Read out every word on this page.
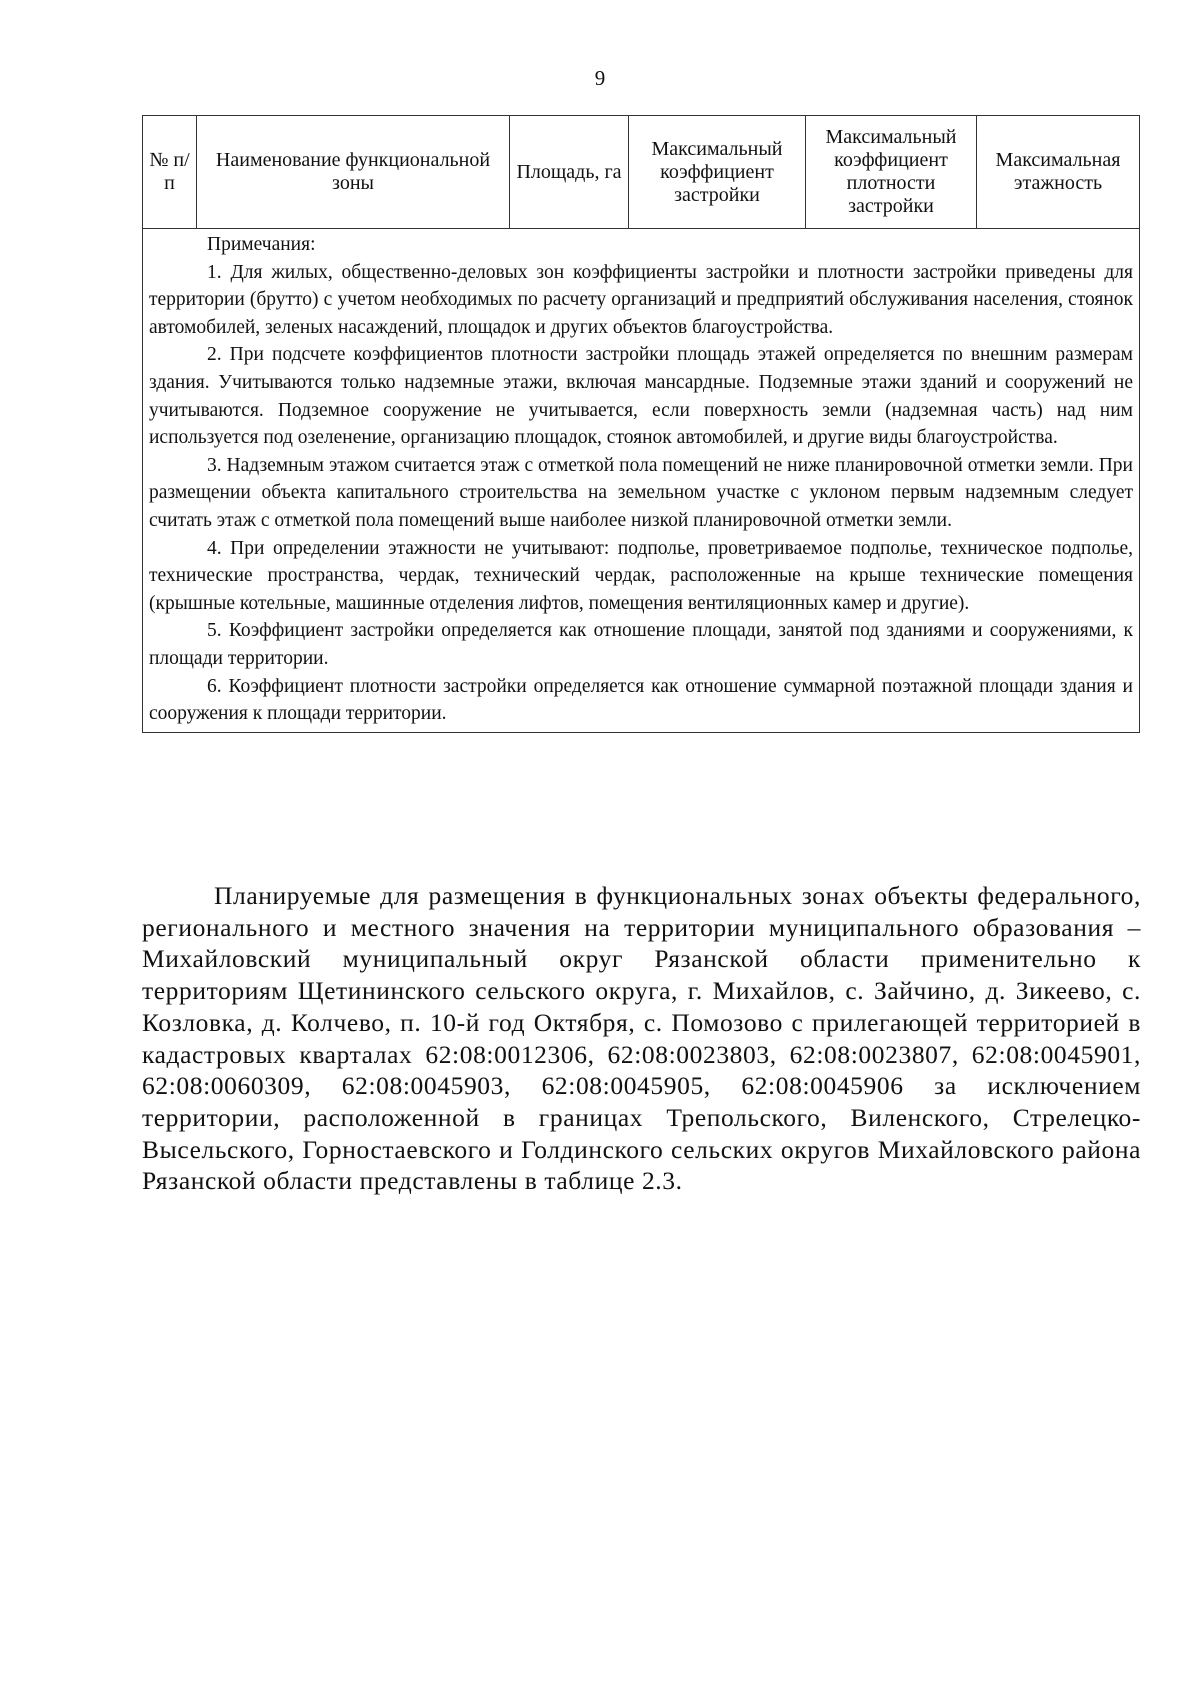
9
№ п/п	Наименование функциональной зоны	Площадь, га	Максимальный коэффициент застройки	Максимальный коэффициент плотности застройки	Максимальная этажность

Примечания:

1. Для жилых, общественно-деловых зон коэффициенты застройки и плотности застройки приведены для территории (брутто) с учетом необходимых по расчету организаций и предприятий обслуживания населения, стоянок автомобилей, зеленых насаждений, площадок и других объектов благоустройства.

2. При подсчете коэффициентов плотности застройки площадь этажей определяется по внешним размерам здания. Учитываются только надземные этажи, включая мансардные. Подземные этажи зданий и сооружений не учитываются. Подземное сооружение не учитывается, если поверхность земли (надземная часть) над ним используется под озеленение, организацию площадок, стоянок автомобилей, и другие виды благоустройства.

3. Надземным этажом считается этаж с отметкой пола помещений не ниже планировочной отметки земли. При размещении объекта капитального строительства на земельном участке с уклоном первым надземным следует считать этаж с отметкой пола помещений выше наиболее низкой планировочной отметки земли.

4. При определении этажности не учитывают: подполье, проветриваемое подполье, техническое подполье, технические пространства, чердак, технический чердак, расположенные на крыше технические помещения (крышные котельные, машинные отделения лифтов, помещения вентиляционных камер и другие).

5. Коэффициент застройки определяется как отношение площади, занятой под зданиями и сооружениями, к площади территории.

6. Коэффициент плотности застройки определяется как отношение суммарной поэтажной площади здания и сооружения к площади территории.

Планируемые для размещения в функциональных зонах объекты федерального, регионального и местного значения на территории муниципального образования – Михайловский муниципальный округ Рязанской области применительно к территориям Щетининского сельского округа, г. Михайлов, с. Зайчино, д. Зикеево, с. Козловка, д. Колчево, п. 10-й год Октября, с. Помозово с прилегающей территорией в кадастровых кварталах 62:08:0012306, 62:08:0023803, 62:08:0023807, 62:08:0045901, 62:08:0060309, 62:08:0045903, 62:08:0045905, 62:08:0045906 за исключением территории, расположенной в границах Трепольского, Виленского, Стрелецко-Высельского, Горностаевского и Голдинского сельских округов Михайловского района Рязанской области представлены в таблице 2.3.
